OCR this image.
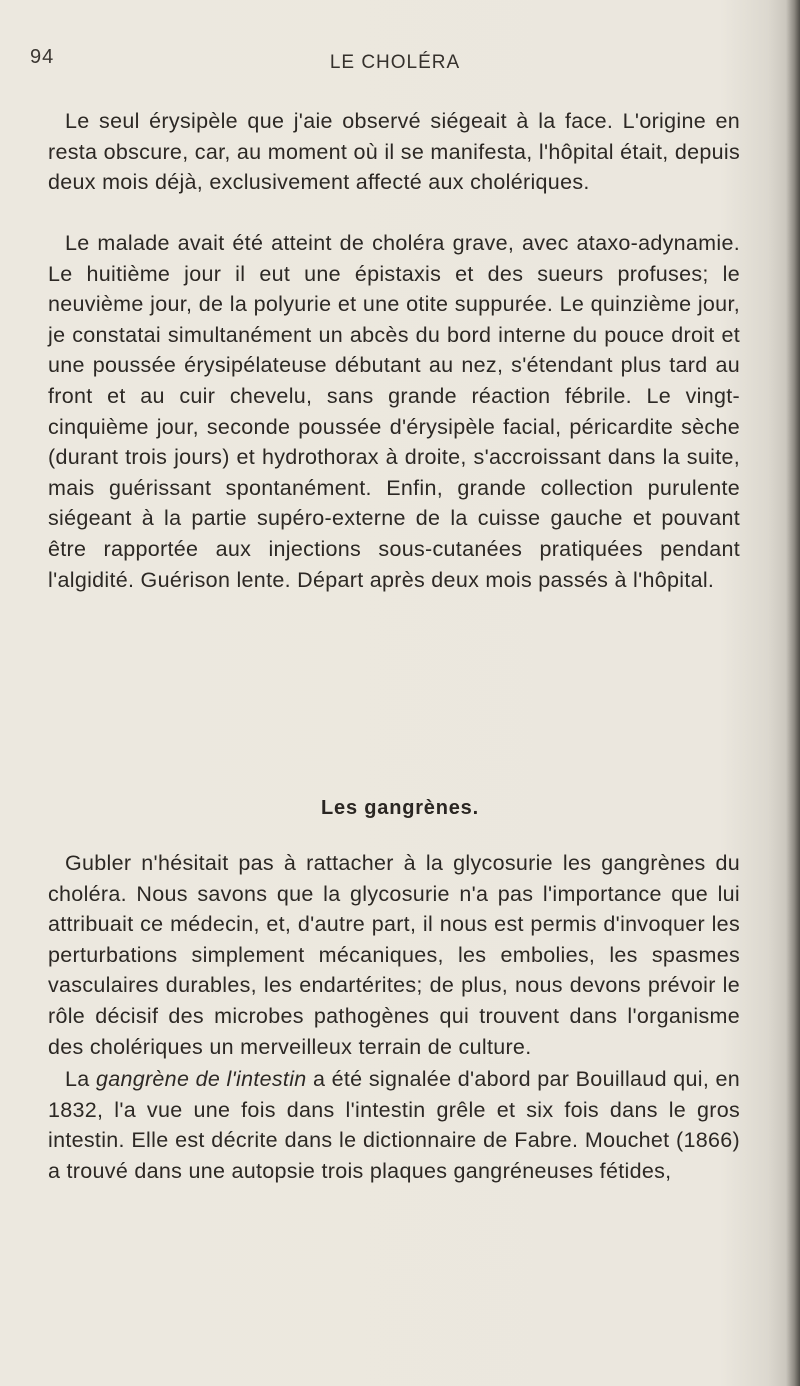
94	LE CHOLÉRA

Le seul érysipèle que j'aie observé siégeait à la face. L'origine en resta obscure, car, au moment où il se manifesta, l'hôpital était, depuis deux mois déjà, exclusivement affecté aux cholériques.

Le malade avait été atteint de choléra grave, avec ataxo-adynamie. Le huitième jour il eut une épistaxis et des sueurs profuses; le neuvième jour, de la polyurie et une otite suppurée. Le quinzième jour, je constatai simultanément un abcès du bord interne du pouce droit et une poussée érysipélateuse débutant au nez, s'étendant plus tard au front et au cuir chevelu, sans grande réaction fébrile. Le vingt-cinquième jour, seconde poussée d'érysipèle facial, péricardite sèche (durant trois jours) et hydrothorax à droite, s'accroissant dans la suite, mais guérissant spontanément. Enfin, grande collection purulente siégeant à la partie supéro-externe de la cuisse gauche et pouvant être rapportée aux injections sous-cutanées pratiquées pendant l'algidité. Guérison lente. Départ après deux mois passés à l'hôpital.

Les gangrènes.

Gubler n'hésitait pas à rattacher à la glycosurie les gangrènes du choléra. Nous savons que la glycosurie n'a pas l'importance que lui attribuait ce médecin, et, d'autre part, il nous est permis d'invoquer les perturbations simplement mécaniques, les embolies, les spasmes vasculaires durables, les endartérites; de plus, nous devons prévoir le rôle décisif des microbes pathogènes qui trouvent dans l'organisme des cholériques un merveilleux terrain de culture.

La gangrène de l'intestin a été signalée d'abord par Bouillaud qui, en 1832, l'a vue une fois dans l'intestin grêle et six fois dans le gros intestin. Elle est décrite dans le dictionnaire de Fabre. Mouchet (1866) a trouvé dans une autopsie trois plaques gangréneuses fétides,
